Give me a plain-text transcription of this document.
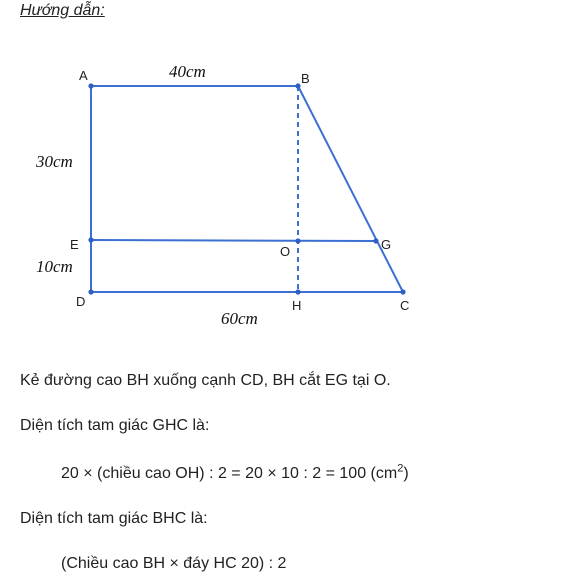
Hướng dẫn:
A	B
E	O	G
D	H	C
40cm
30cm
10cm
60cm
Kẻ đường cao BH xuống cạnh CD, BH cắt EG tại O.
Diện tích tam giác GHC là:
20 × (chiều cao OH) : 2 = 20 × 10 : 2 = 100 $(cm^2)$
Diện tích tam giác BHC là:
(Chiều cao BH × đáy HC 20) : 2
